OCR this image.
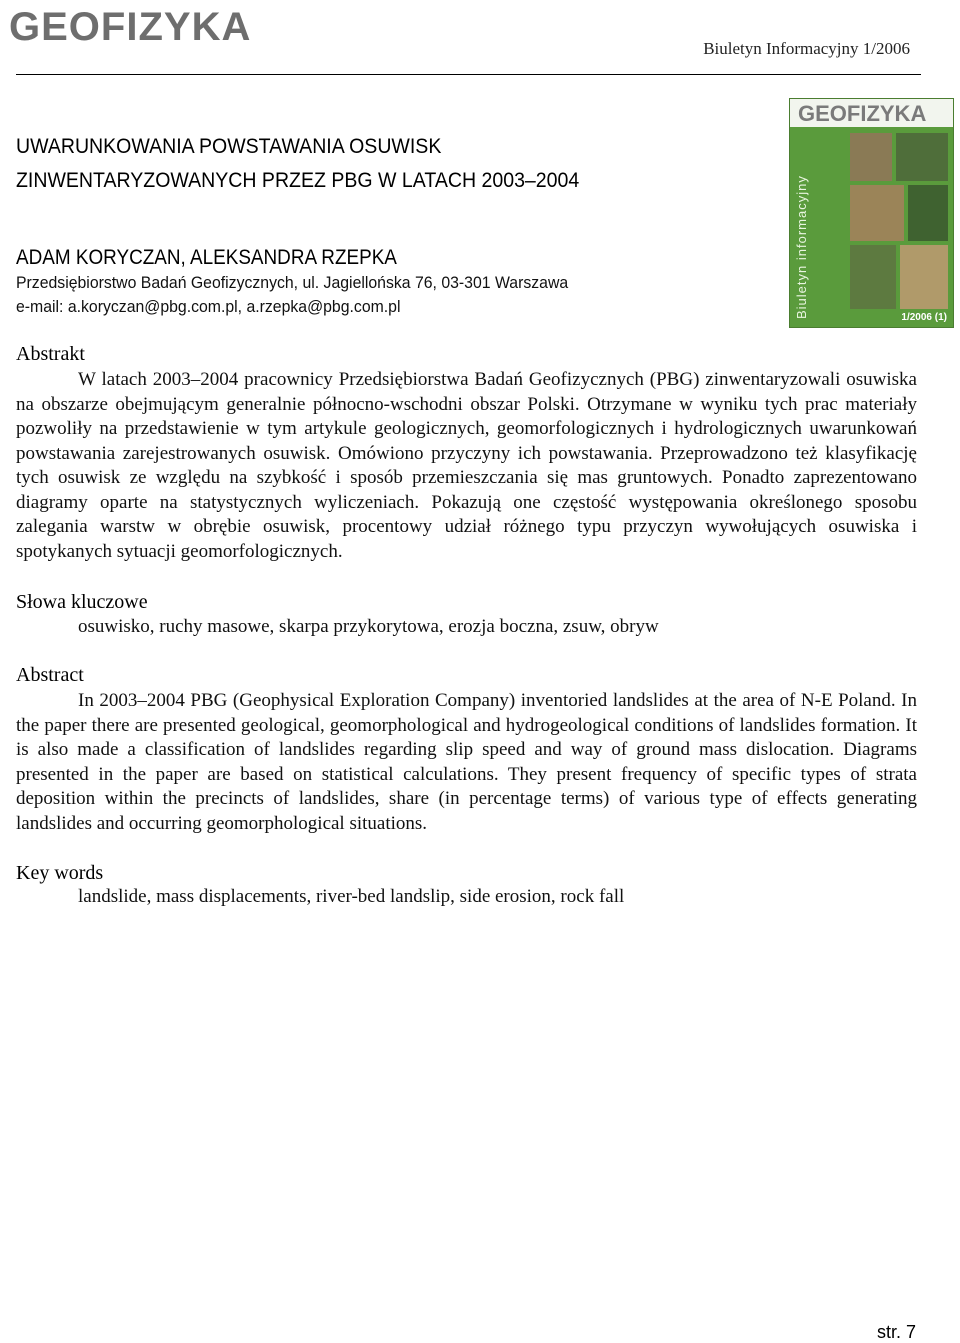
GEOFIZYKA	Biuletyn Informacyjny 1/2006
GEOFIZYKA
Biuletyn informacyjny	1/2006 (1)
UWARUNKOWANIA POWSTAWANIA OSUWISK
ZINWENTARYZOWANYCH PRZEZ PBG W LATACH 2003–2004
ADAM KORYCZAN, ALEKSANDRA RZEPKA
Przedsiębiorstwo Badań Geofizycznych, ul. Jagiellońska 76, 03-301 Warszawa
e-mail: a.koryczan@pbg.com.pl, a.rzepka@pbg.com.pl
Abstrakt

W latach 2003–2004 pracownicy Przedsiębiorstwa Badań Geofizycznych (PBG) zinwentaryzowali osuwiska na obszarze obejmującym generalnie północno-wschodni obszar Polski. Otrzymane w wyniku tych prac materiały pozwoliły na przedstawienie w tym artykule geologicznych, geomorfologicznych i hydrologicznych uwarunkowań powstawania zarejestrowanych osuwisk. Omówiono przyczyny ich powstawania. Przeprowadzono też klasyfikację tych osuwisk ze względu na szybkość i sposób przemieszczania się mas gruntowych. Ponadto zaprezentowano diagramy oparte na statystycznych wyliczeniach. Pokazują one częstość występowania określonego sposobu zalegania warstw w obrębie osuwisk, procentowy udział różnego typu przyczyn wywołujących osuwiska i spotykanych sytuacji geomorfologicznych.

Słowa kluczowe
osuwisko, ruchy masowe, skarpa przykorytowa, erozja boczna, zsuw, obryw
Abstract

In 2003–2004 PBG (Geophysical Exploration Company) inventoried landslides at the area of N-E Poland. In the paper there are presented geological, geomorphological and hydrogeological conditions of landslides formation. It is also made a classification of landslides regarding slip speed and way of ground mass dislocation. Diagrams presented in the paper are based on statistical calculations. They present frequency of specific types of strata deposition within the precincts of landslides, share (in percentage terms) of various type of effects generating landslides and occurring geomorphological situations.

Key words
landslide, mass displacements, river-bed landslip, side erosion, rock fall
str. 7
